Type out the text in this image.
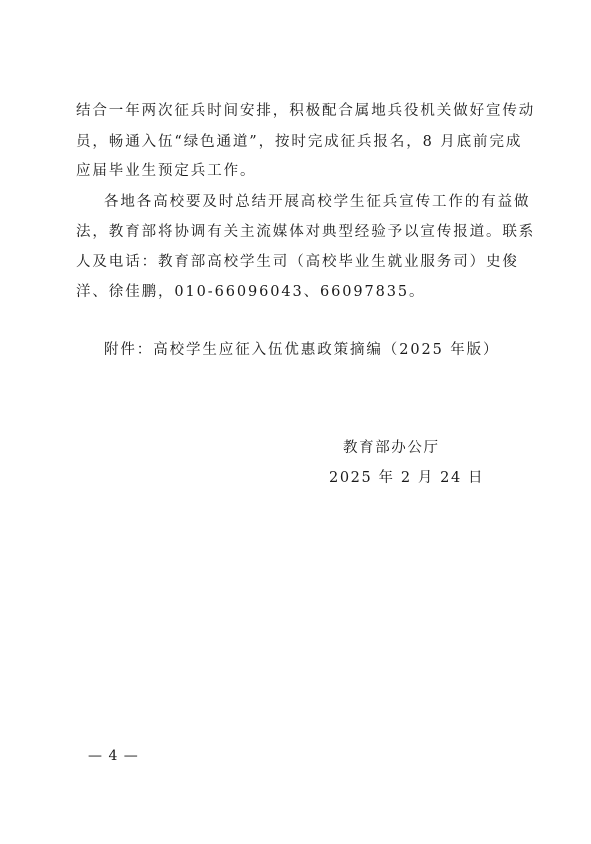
结合一年两次征兵时间安排，积极配合属地兵役机关做好宣传动
员，畅通入伍“绿色通道”，按时完成征兵报名，8 月底前完成
应届毕业生预定兵工作。
各地各高校要及时总结开展高校学生征兵宣传工作的有益做
法，教育部将协调有关主流媒体对典型经验予以宣传报道。联系
人及电话：教育部高校学生司（高校毕业生就业服务司）史俊
洋、徐佳鹏，010-66096043、66097835。
附件：高校学生应征入伍优惠政策摘编（2025 年版）
教育部办公厅
2025 年 2 月 24 日
— 4 —
